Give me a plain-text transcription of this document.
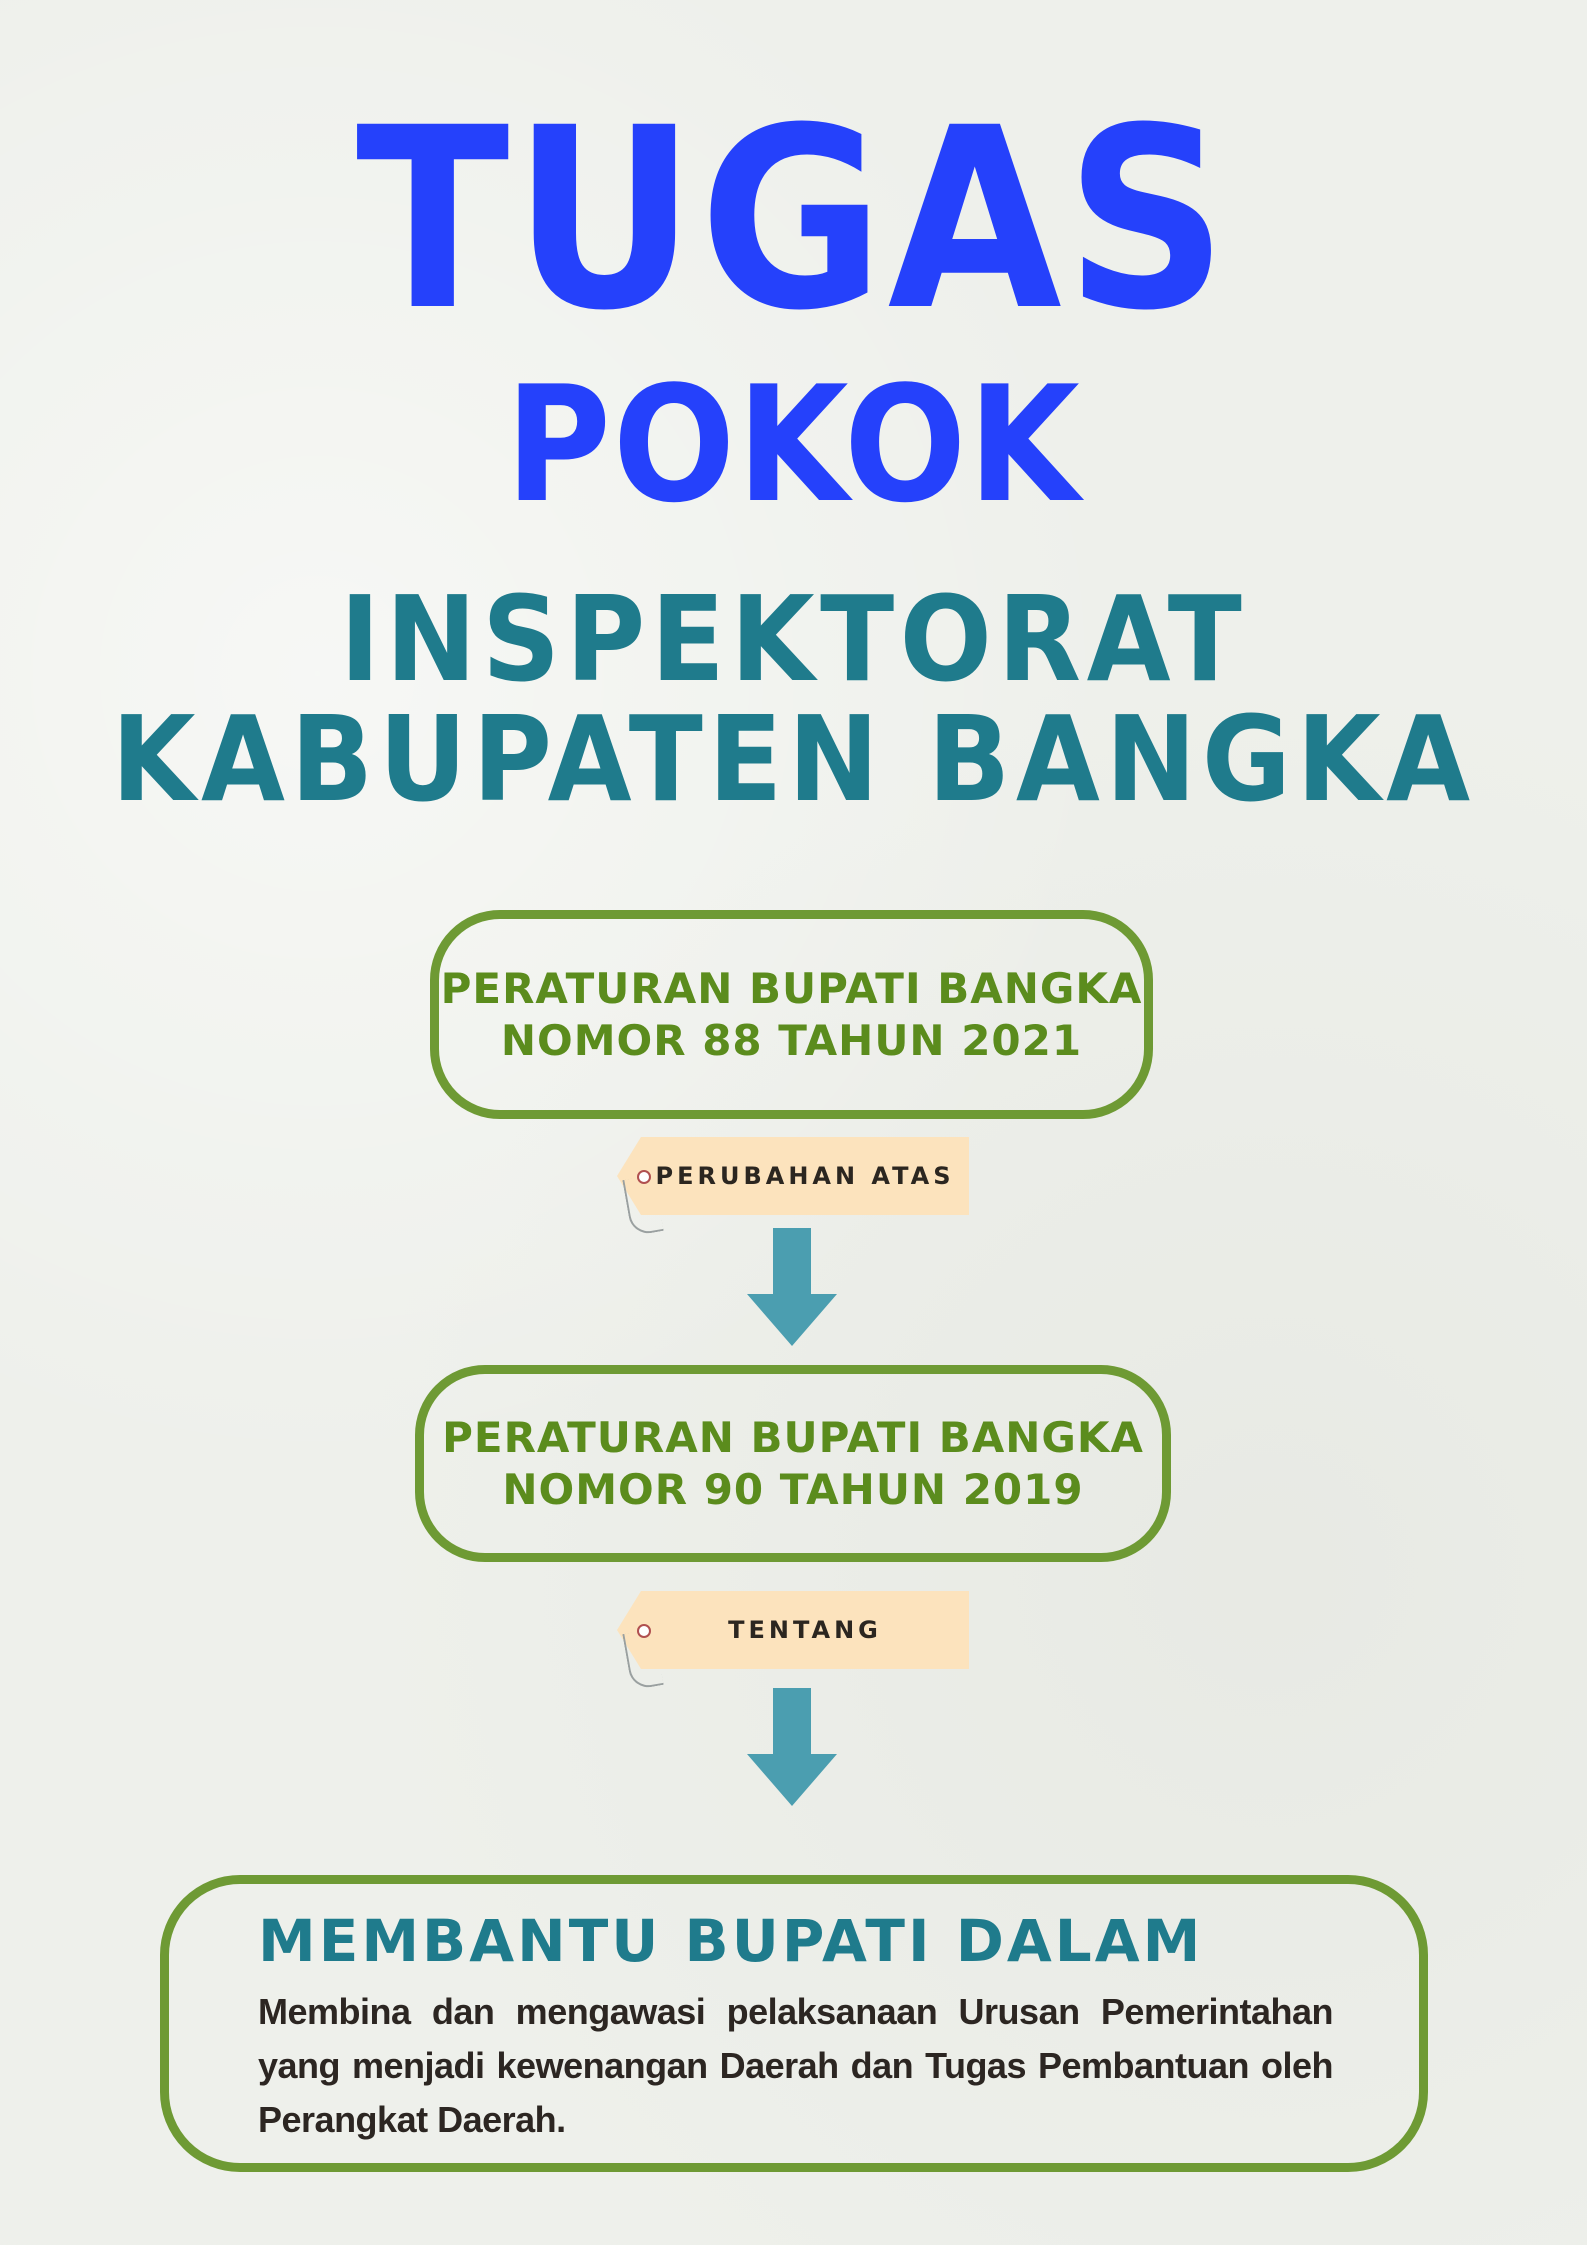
TUGAS
POKOK
INSPEKTORAT
KABUPATEN BANGKA
PERATURAN BUPATI BANGKA
NOMOR 88 TAHUN 2021
PERUBAHAN ATAS
PERATURAN BUPATI BANGKA
NOMOR 90 TAHUN 2019
TENTANG
MEMBANTU BUPATI DALAM

Membina dan mengawasi pelaksanaan Urusan Pemerintahan yang menjadi kewenangan Daerah dan Tugas Pembantuan oleh Perangkat Daerah.
